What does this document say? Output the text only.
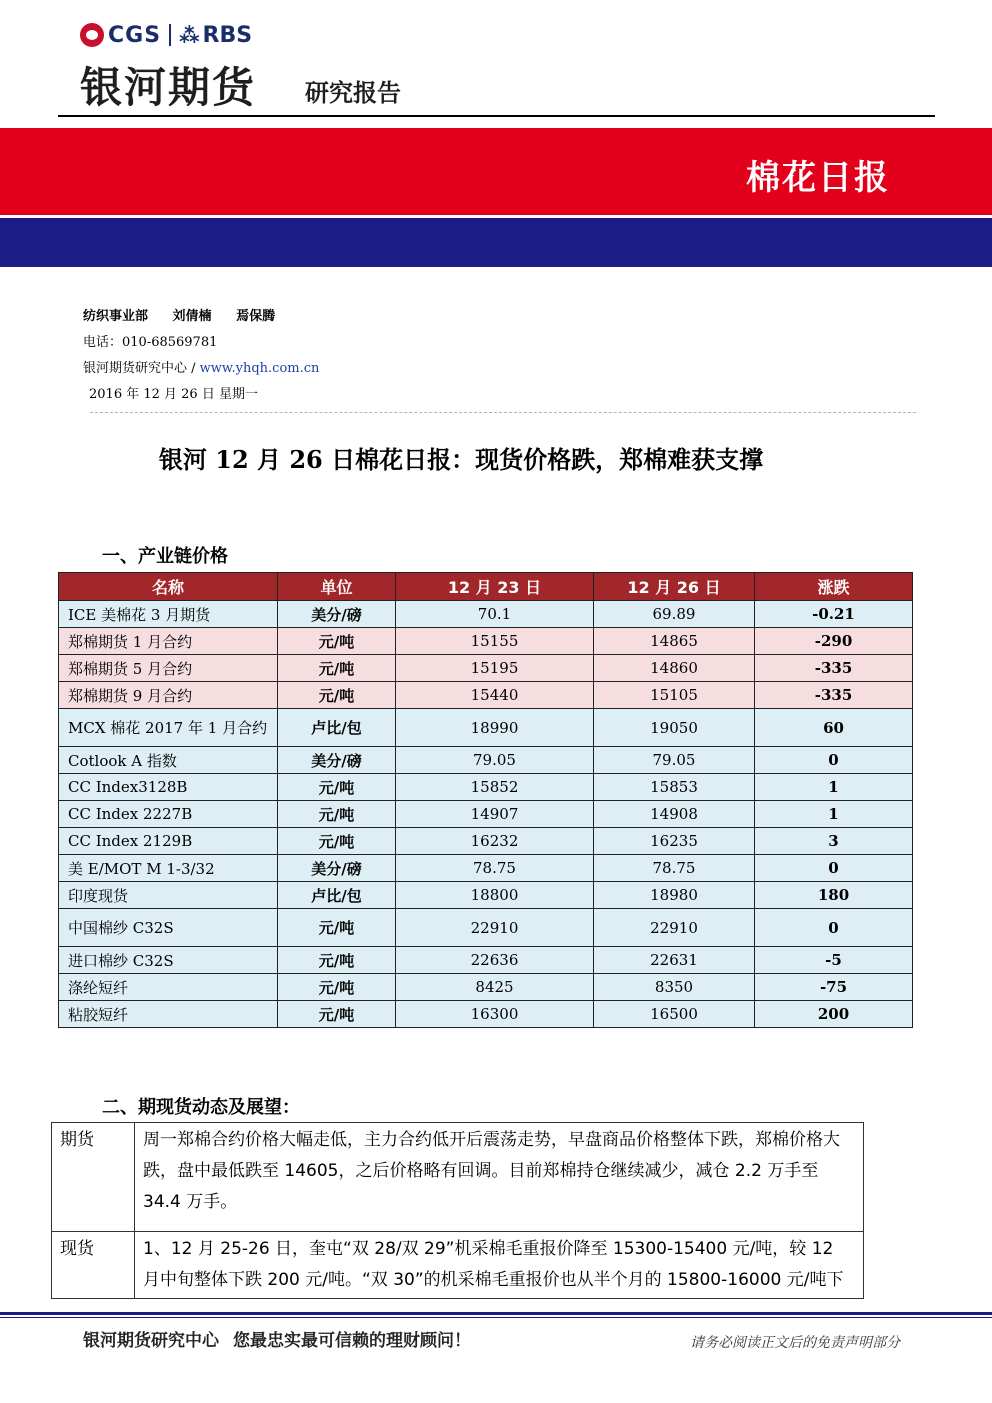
CGS ⁂ RBS
银河期货 研究报告
棉花日报
纺织事业部 刘倩楠 焉保腾
电话：010-68569781
银河期货研究中心 / www.yhqh.com.cn
2016 年 12 月 26 日 星期一
银河 12 月 26 日棉花日报：现货价格跌，郑棉难获支撑
一、产业链价格
名称	单位	12 月 23 日	12 月 26 日	涨跌
ICE 美棉花 3 月期货	美分/磅	70.1	69.89	-0.21
郑棉期货 1 月合约	元/吨	15155	14865	-290
郑棉期货 5 月合约	元/吨	15195	14860	-335
郑棉期货 9 月合约	元/吨	15440	15105	-335
MCX 棉花 2017 年 1 月合约	卢比/包	18990	19050	60
Cotlook A 指数	美分/磅	79.05	79.05	0
CC Index3128B	元/吨	15852	15853	1
CC Index 2227B	元/吨	14907	14908	1
CC Index 2129B	元/吨	16232	16235	3
美 E/MOT M 1-3/32	美分/磅	78.75	78.75	0
印度现货	卢比/包	18800	18980	180
中国棉纱 C32S	元/吨	22910	22910	0
进口棉纱 C32S	元/吨	22636	22631	-5
涤纶短纤	元/吨	8425	8350	-75
粘胶短纤	元/吨	16300	16500	200
二、期现货动态及展望：
期货	周一郑棉合约价格大幅走低，主力合约低开后震荡走势，早盘商品价格整体下跌，郑棉价格大跌，盘中最低跌至 14605，之后价格略有回调。目前郑棉持仓继续减少，减仓 2.2 万手至 34.4 万手。
现货	1、12 月 25-26 日，奎屯“双 28/双 29”机采棉毛重报价降至 15300-15400 元/吨，较 12 月中旬整体下跌 200 元/吨。“双 30”的机采棉毛重报价也从半个月的 15800-16000 元/吨下
银河期货研究中心 您最忠实最可信赖的理财顾问！	请务必阅读正文后的免责声明部分
